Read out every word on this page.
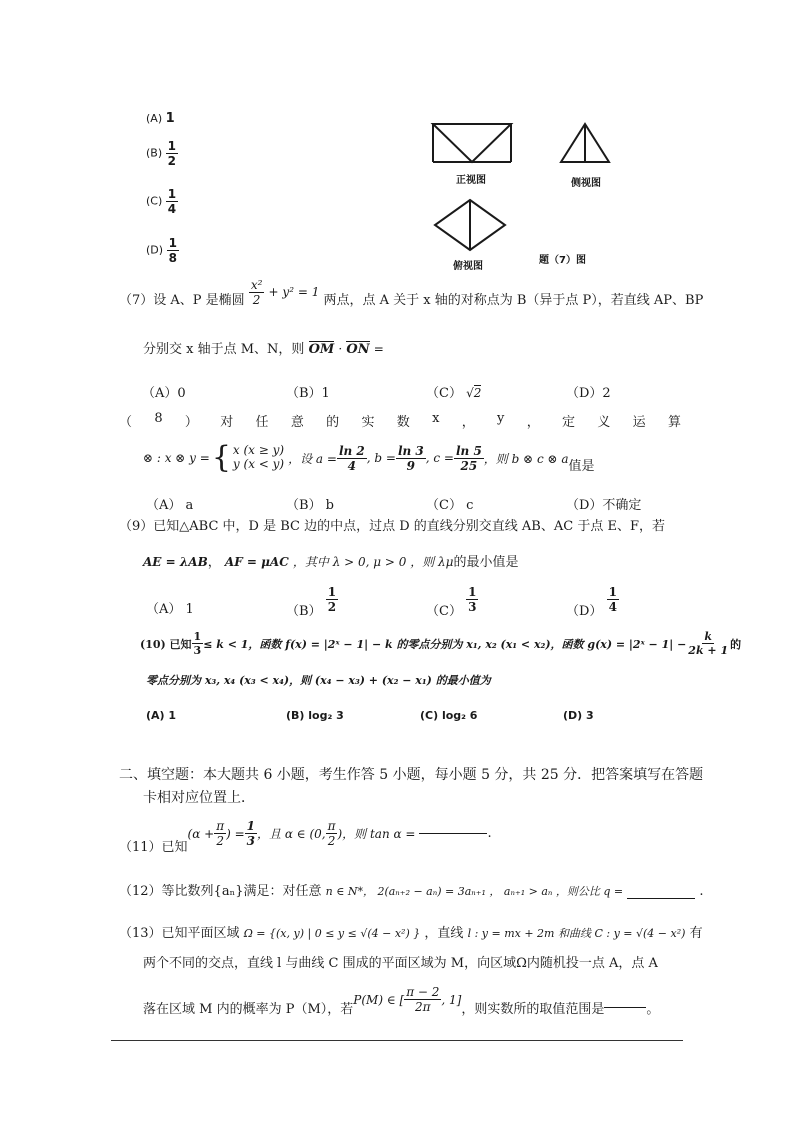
(A) 1
$(B) \frac{1}{2}$
$(C) \frac{1}{4}$
$(D) \frac{1}{8}$
正视图	侧视图
俯视图
题（7）图
（7）设 A、P 是椭圆 $\frac{\text{x²}}{2} + y^2 = 1$ 两点，点 A 关于 x 轴的对称点为 B（异于点 P），若直线 AP、BP
分别交 x 轴于点 M、N，则 OM · ON =
（A）0	（B）1	（C） √2	（D）2
（ 8 ） 对 任 意 的 实 数 x ， y ， 定 义 运 算
⊗ : x ⊗ y = { x (x ≥ y)
y (x < y) ，设 $a = \frac{\ln 2}{4}$ , $b = \frac{\ln 3}{9}$ , $c = \frac{\ln 5}{25}$ ，则 b ⊗ c ⊗ a 值是
（A） a	（B） b	（C） c	（D）不确定
（9）已知△ABC 中，D 是 BC 边的中点，过点 D 的直线分别交直线 AB、AC 于点 E、F，若
AE = λAB， AF = μAC ，其中 λ > 0, μ > 0 ，则 λμ的最小值是
（A） 1	$(B) \frac{1}{2}$	$(C) \frac{1}{3}$	$(D) \frac{1}{4}$
(10) 已知 $\frac{1}{3} \le k < 1$，函数 f(x) = |2ˣ − 1| − k 的零点分别为 x₁, x₂ (x₁ < x₂)，函数 g(x) = |2ˣ − $1| - \frac{k}{2k + 1}$ 的
零点分别为 x₃, x₄ (x₃ < x₄)，则 (x₄ − x₃) + (x₂ − x₁) 的最小值为
(A) 1	(B) log₂ 3	(C) log₂ 6	(D) 3
二、填空题：本大题共 6 小题，考生作答 5 小题，每小题 5 分，共 25 分．把答案填写在答题
卡相对应位置上．
（11）已知
($\alpha + \frac{\pi}{2}$ ) = $\frac{1}{3}$ ，且 α ∈ (0, $\frac{\pi}{2}$ )，则 tan α =	.
（12）等比数列{aₙ}满足：对任意 n ∈ N*， 2(aₙ₊₂ − aₙ) = 3aₙ₊₁ ， aₙ₊₁ > aₙ ，则公比 q =	.
（13）已知平面区域 Ω = {(x, y) | 0 ≤ y ≤ √(4 − x²) } ，直线 l : y = mx + 2m 和曲线 C : y = √(4 − x²) 有
两个不同的交点，直线 l 与曲线 C 围成的平面区域为 M，向区域Ω内随机投一点 A，点 A
落在区域 M 内的概率为 P（M），若
P(M) ∈ [ $\frac{\pi - 2}{2\pi}$ , 1]
，则实数所的取值范围是	。
